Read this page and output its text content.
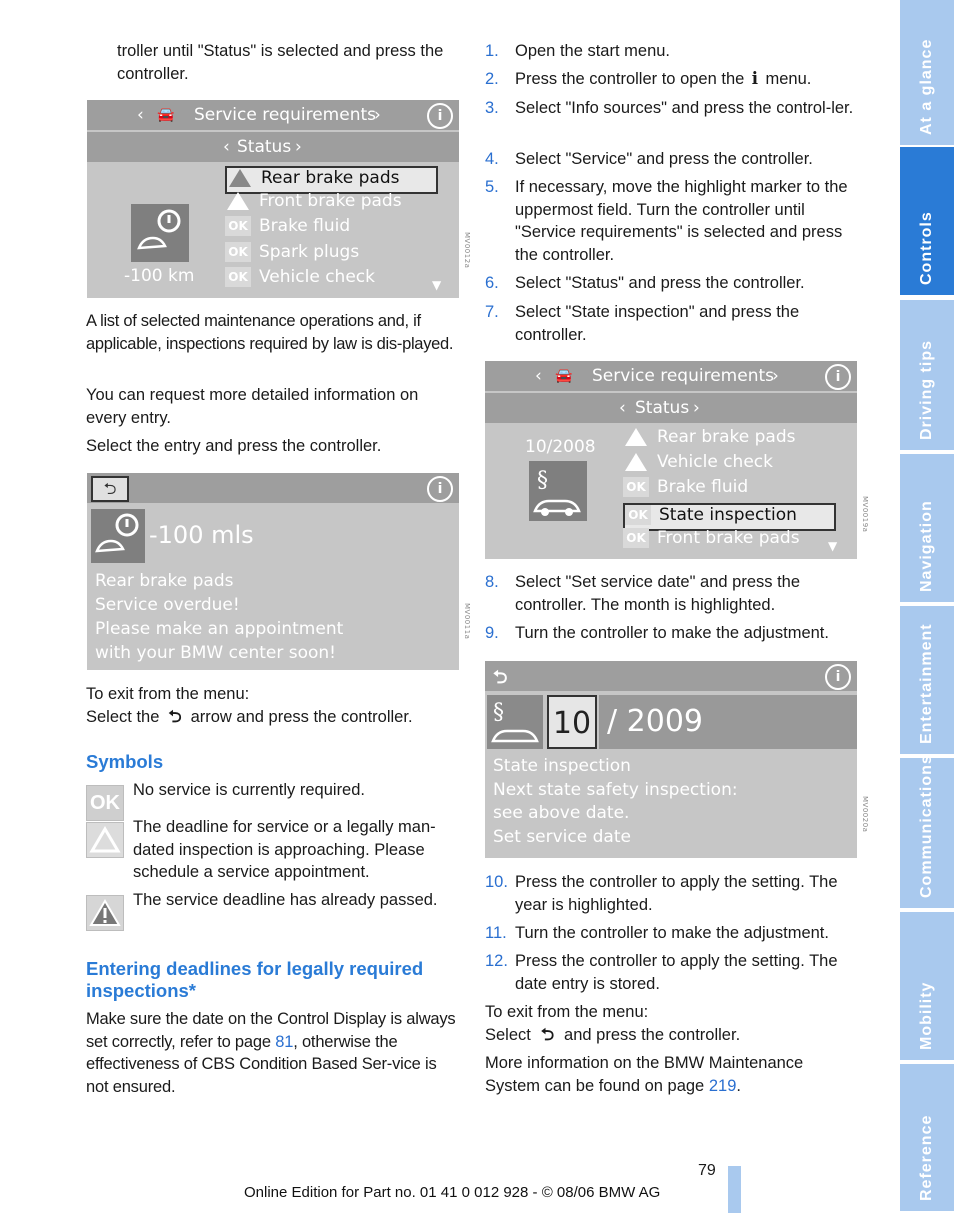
troller until "Status" is selected and press the controller.

‹ 🚘 Service requirements
›	i
‹ Status ›
-100 km
Rear brake pads
Front brake pads
OK Brake fluid
OK Spark plugs
OK Vehicle check	▼
MV0012a

A list of selected maintenance operations and, if applicable, inspections required by law is dis-played.

You can request more detailed information on every entry.

Select the entry and press the controller.

⮌	i
-100 mls
Rear brake pads
Service overdue!
Please make an appointment
with your BMW center soon!
MV0011a

To exit from the menu:

Select the ⮌ arrow and press the controller.

Symbols
OK

No service is currently required.

The deadline for service or a legally man-dated inspection is approaching. Please schedule a service appointment.

The service deadline has already passed.

Entering deadlines for legally required inspections*

Make sure the date on the Control Display is always set correctly, refer to page 81, otherwise the effectiveness of CBS Condition Based Ser-vice is not ensured.

1. Open the start menu.
2. Press the controller to open the i menu.
3. Select "Info sources" and press the control-ler.
4. Select "Service" and press the controller.
5. If necessary, move the highlight marker to the uppermost field. Turn the controller until "Service requirements" is selected and press the controller.
6. Select "Status" and press the controller.
7. Select "State inspection" and press the controller.
‹ 🚘 Service requirements
›	i
‹ Status ›
10/2008
§
Rear brake pads
Vehicle check
OK Brake fluid
OK State inspection
OK Front brake pads	▼
MV0019a
8. Select "Set service date" and press the controller. The month is highlighted.
9. Turn the controller to make the adjustment.
⮌	i
§ 10 / 2009
State inspection
Next state safety inspection:
see above date.
Set service date
MV0020a
10. Press the controller to apply the setting. The year is highlighted.
11. Turn the controller to make the adjustment.
12. Press the controller to apply the setting. The date entry is stored.

To exit from the menu:

Select ⮌ and press the controller.

More information on the BMW Maintenance System can be found on page 219.

At a glance
Controls
Driving tips
Navigation
Entertainment
Communications
Mobility
Reference
79
Online Edition for Part no. 01 41 0 012 928 - © 08/06 BMW AG
